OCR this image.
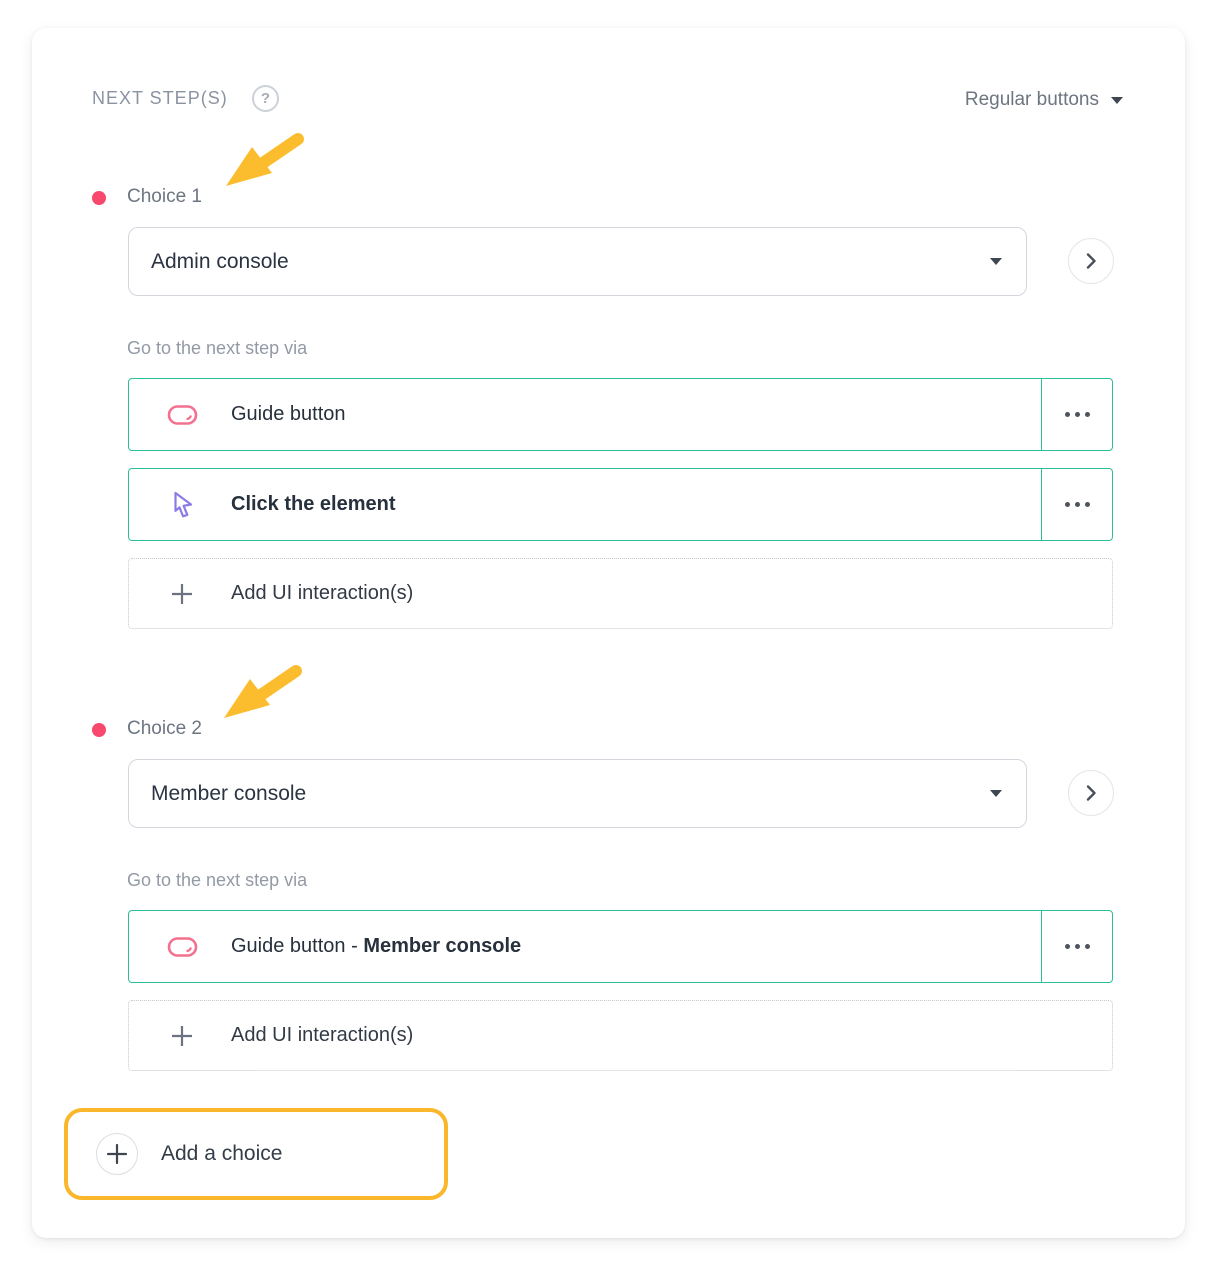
NEXT STEP(S) ?	Regular buttons
Choice 1
Admin console
Go to the next step via
Guide button
Click the element
Add UI interaction(s)
Choice 2
Member console
Go to the next step via
Guide button - Member console
Add UI interaction(s)
Add a choice
